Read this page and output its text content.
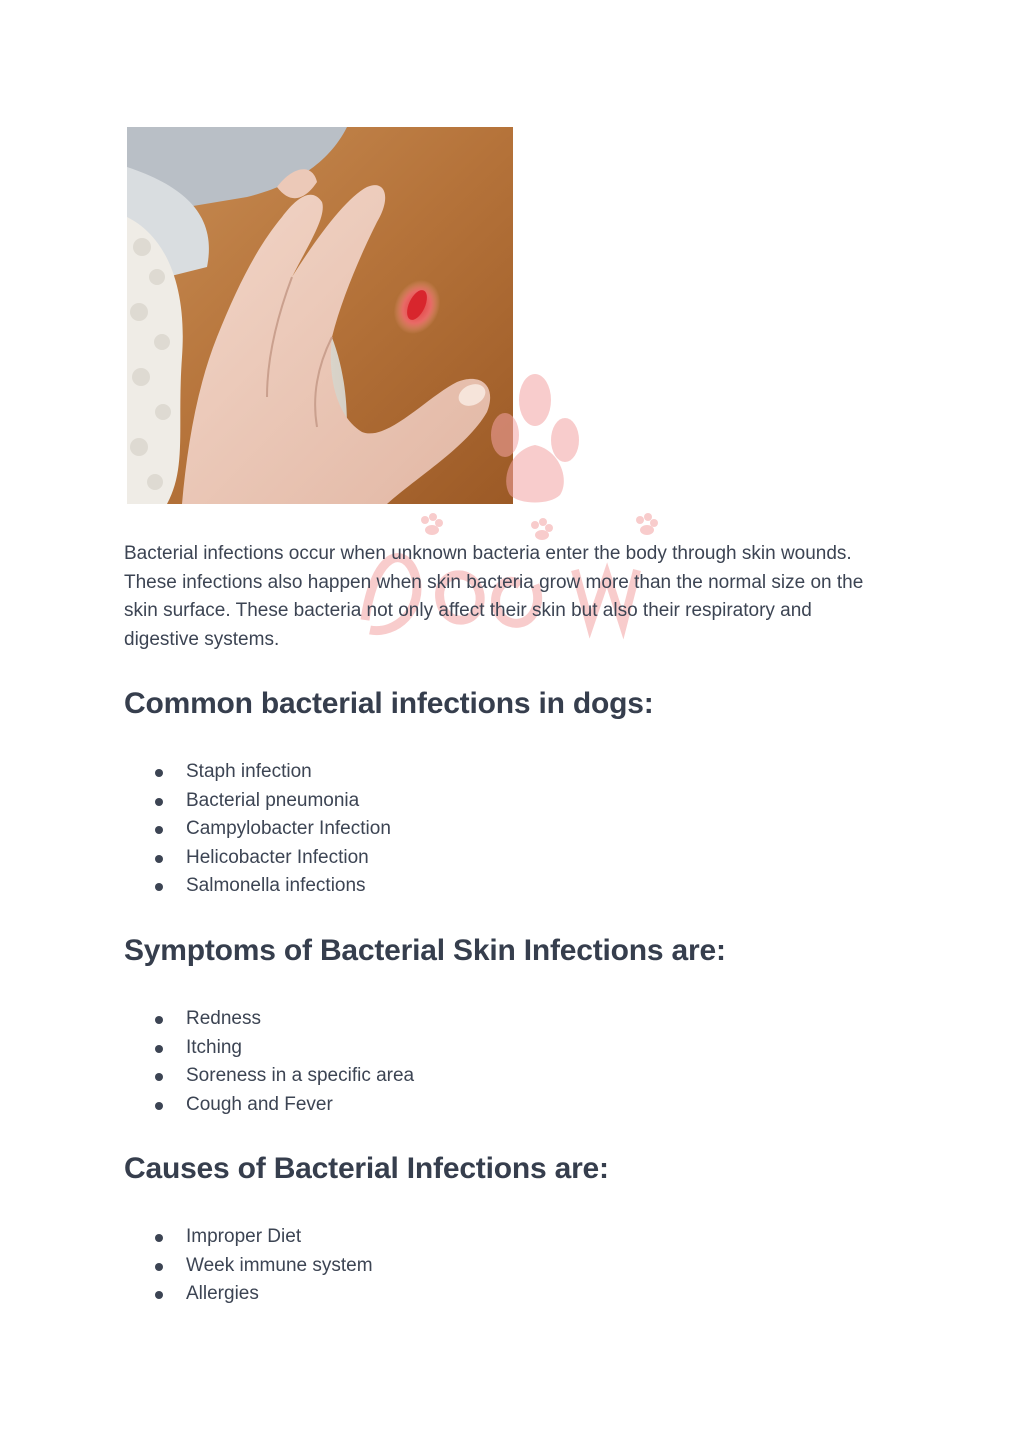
Bacterial infections occur when unknown bacteria enter the body through skin wounds. These infections also happen when skin bacteria grow more than the normal size on the skin surface. These bacteria not only affect their skin but also their respiratory and digestive systems.

Common bacterial infections in dogs:
Staph infection
Bacterial pneumonia
Campylobacter Infection
Helicobacter Infection
Salmonella infections
Symptoms of Bacterial Skin Infections are:
Redness
Itching
Soreness in a specific area
Cough and Fever
Causes of Bacterial Infections are:
Improper Diet
Week immune system
Allergies
